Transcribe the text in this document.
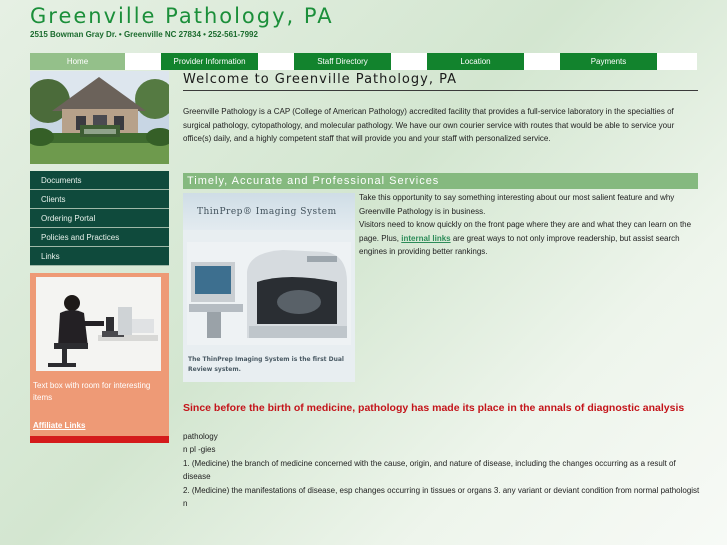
Greenville Pathology, PA
2515 Bowman Gray Dr. • Greenville NC 27834 • 252-561-7992
Home	Provider Information	Staff Directory	Location	Payments
Documents
Clients
Ordering Portal
Policies and Practices
Links
Text box with room for interesting items
Affiliate Links
Welcome to Greenville Pathology, PA
Greenville Pathology is a CAP (College of American Pathology) accredited facility that provides a full-service laboratory in the specialties of surgical pathology, cytopathology, and molecular pathology. We have our own courier service with routes that would be able to service your office(s) daily, and a highly competent staff that will provide you and your staff with personalized service.
Timely, Accurate and Professional Services
ThinPrep® Imaging System
The ThinPrep Imaging System is the first Dual Review system.
Take this opportunity to say something interesting about our most salient feature and why Greenville Pathology is in business.
Visitors need to know quickly on the front page where they are and what they can learn on the page. Plus, internal links are great ways to not only improve readership, but assist search engines in providing better rankings.
Since before the birth of medicine, pathology has made its place in the annals of diagnostic analysis
pathology
n pl -gies
1. (Medicine) the branch of medicine concerned with the cause, origin, and nature of disease, including the changes occurring as a result of disease
2. (Medicine) the manifestations of disease, esp changes occurring in tissues or organs 3. any variant or deviant condition from normal pathologist n
